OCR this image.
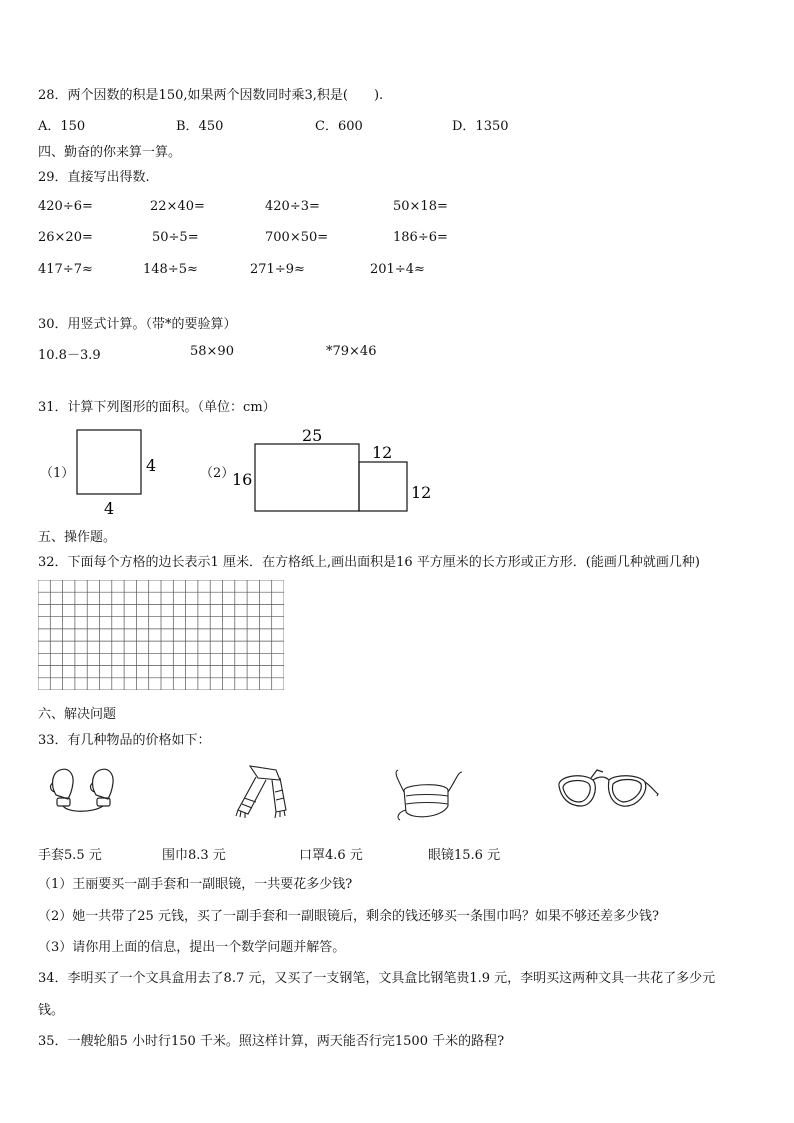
28．两个因数的积是150,如果两个因数同时乘3,积是(　　).
A．150	B．450	C．600	D．1350
四、勤奋的你来算一算。
29．直接写出得数.
420÷6=	22×40=	420÷3=	50×18=
26×20=	50÷5=	700×50=	186÷6=
417÷7≈	148÷5≈	271÷9≈	201÷4≈
30．用竖式计算。（带*的要验算）
10.8－3.9	58×90	*79×46
31．计算下列图形的面积。（单位：cm）
（1）	4
4
（2）
25
16
12
12
五、操作题。
32．下面每个方格的边长表示1 厘米．在方格纸上,画出面积是16 平方厘米的长方形或正方形．(能画几种就画几种)
六、解决问题
33．有几种物品的价格如下：
手套5.5 元	围巾8.3 元	口罩4.6 元	眼镜15.6 元
（1）王丽要买一副手套和一副眼镜，一共要花多少钱?
（2）她一共带了25 元钱，买了一副手套和一副眼镜后，剩余的钱还够买一条围巾吗？如果不够还差多少钱?
（3）请你用上面的信息，提出一个数学问题并解答。
34．李明买了一个文具盒用去了8.7 元，又买了一支钢笔，文具盒比钢笔贵1.9 元，李明买这两种文具一共花了多少元
钱。
35．一艘轮船5 小时行150 千米。照这样计算，两天能否行完1500 千米的路程?
